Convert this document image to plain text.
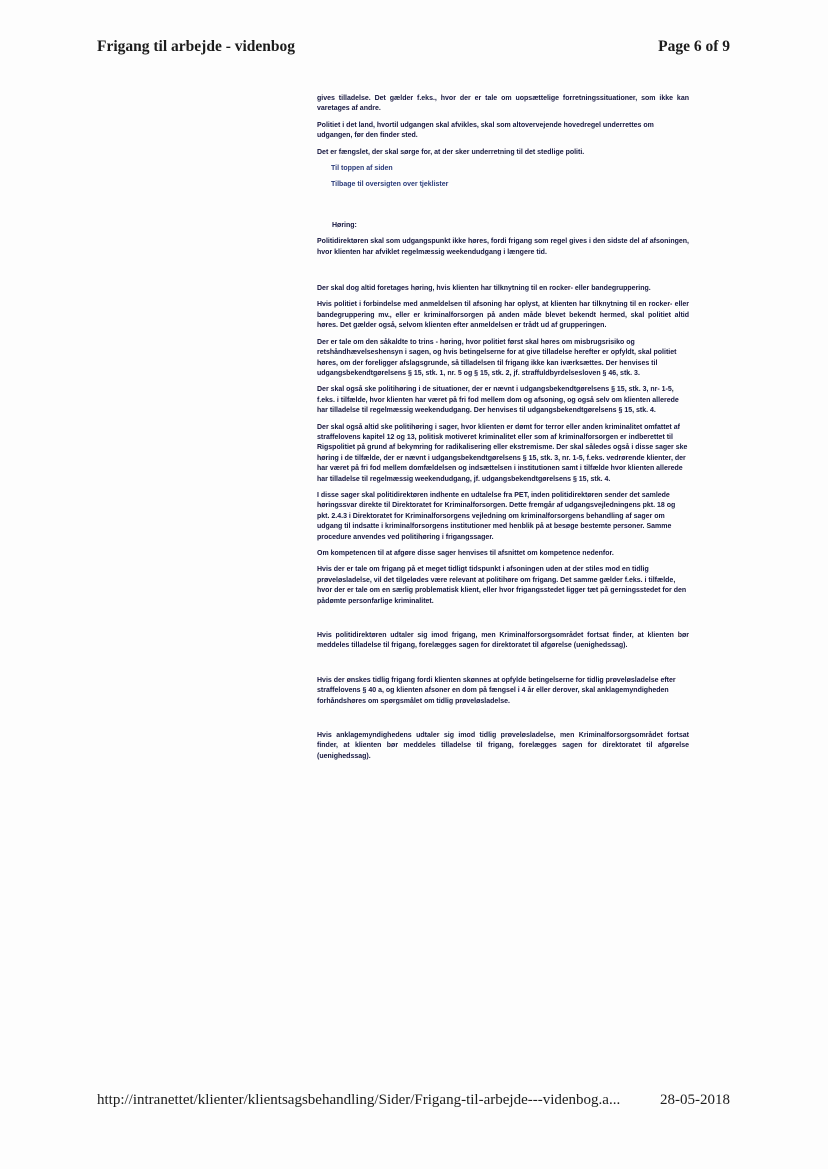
Frigang til arbejde - videnbog	Page 6 of 9
gives tilladelse. Det gælder f.eks., hvor der er tale om uopsættelige forretningssituationer, som ikke kan varetages af andre.
Politiet i det land, hvortil udgangen skal afvikles, skal som altovervejende hovedregel underrettes om udgangen, før den finder sted.
Det er fængslet, der skal sørge for, at der sker underretning til det stedlige politi.
Til toppen af siden
Tilbage til oversigten over tjeklister
Høring:
Politidirektøren skal som udgangspunkt ikke høres, fordi frigang som regel gives i den sidste del af afsoningen, hvor klienten har afviklet regelmæssig weekendudgang i længere tid.
Der skal dog altid foretages høring, hvis klienten har tilknytning til en rocker- eller bandegruppering.
Hvis politiet i forbindelse med anmeldelsen til afsoning har oplyst, at klienten har tilknytning til en rocker- eller bandegruppering mv., eller er kriminalforsorgen på anden måde blevet bekendt hermed, skal politiet altid høres. Det gælder også, selvom klienten efter anmeldelsen er trådt ud af grupperingen.
Der er tale om den såkaldte to trins - høring, hvor politiet først skal høres om misbrugsrisiko og retshåndhævelseshensyn i sagen, og hvis betingelserne for at give tilladelse herefter er opfyldt, skal politiet høres, om der foreligger afslagsgrunde, så tilladelsen til frigang ikke kan iværksættes. Der henvises til udgangsbekendtgørelsens § 15, stk. 1, nr. 5 og § 15, stk. 2, jf. straffuldbyrdelsesloven § 46, stk. 3.
Der skal også ske politihøring i de situationer, der er nævnt i udgangsbekendtgørelsens § 15, stk. 3, nr- 1-5, f.eks. i tilfælde, hvor klienten har været på fri fod mellem dom og afsoning, og også selv om klienten allerede har tilladelse til regelmæssig weekendudgang. Der henvises til udgangsbekendtgørelsens § 15, stk. 4.
Der skal også altid ske politihøring i sager, hvor klienten er dømt for terror eller anden kriminalitet omfattet af straffelovens kapitel 12 og 13, politisk motiveret kriminalitet eller som af kriminalforsorgen er indberettet til Rigspolitiet på grund af bekymring for radikalisering eller ekstremisme. Der skal således også i disse sager ske høring i de tilfælde, der er nævnt i udgangsbekendtgørelsens § 15, stk. 3, nr. 1-5, f.eks. vedrørende klienter, der har været på fri fod mellem domfældelsen og indsættelsen i institutionen samt i tilfælde hvor klienten allerede har tilladelse til regelmæssig weekendudgang, jf. udgangsbekendtgørelsens § 15, stk. 4.
I disse sager skal politidirektøren indhente en udtalelse fra PET, inden politidirektøren sender det samlede høringssvar direkte til Direktoratet for Kriminalforsorgen. Dette fremgår af udgangsvejledningens pkt. 18 og pkt. 2.4.3 i Direktoratet for Kriminalforsorgens vejledning om kriminalforsorgens behandling af sager om udgang til indsatte i kriminalforsorgens institutioner med henblik på at besøge bestemte personer. Samme procedure anvendes ved politihøring i frigangssager.
Om kompetencen til at afgøre disse sager henvises til afsnittet om kompetence nedenfor.
Hvis der er tale om frigang på et meget tidligt tidspunkt i afsoningen uden at der stiles mod en tidlig prøveløsladelse, vil det tilgelødes være relevant at politihøre om frigang. Det samme gælder f.eks. i tilfælde, hvor der er tale om en særlig problematisk klient, eller hvor frigangsstedet ligger tæt på gerningsstedet for den pådømte personfarlige kriminalitet.
Hvis politidirektøren udtaler sig imod frigang, men Kriminalforsorgsområdet fortsat finder, at klienten bør meddeles tilladelse til frigang, forelægges sagen for direktoratet til afgørelse (uenighedssag).
Hvis der ønskes tidlig frigang fordi klienten skønnes at opfylde betingelserne for tidlig prøveløsladelse efter straffelovens § 40 a, og klienten afsoner en dom på fængsel i 4 år eller derover, skal anklagemyndigheden forhåndshøres om spørgsmålet om tidlig prøveløsladelse.
Hvis anklagemyndighedens udtaler sig imod tidlig prøveløsladelse, men Kriminalforsorgsområdet fortsat finder, at klienten bør meddeles tilladelse til frigang, forelægges sagen for direktoratet til afgørelse (uenighedssag).
http://intranettet/klienter/klientsagsbehandling/Sider/Frigang-til-arbejde---videnbog.a...	28-05-2018
